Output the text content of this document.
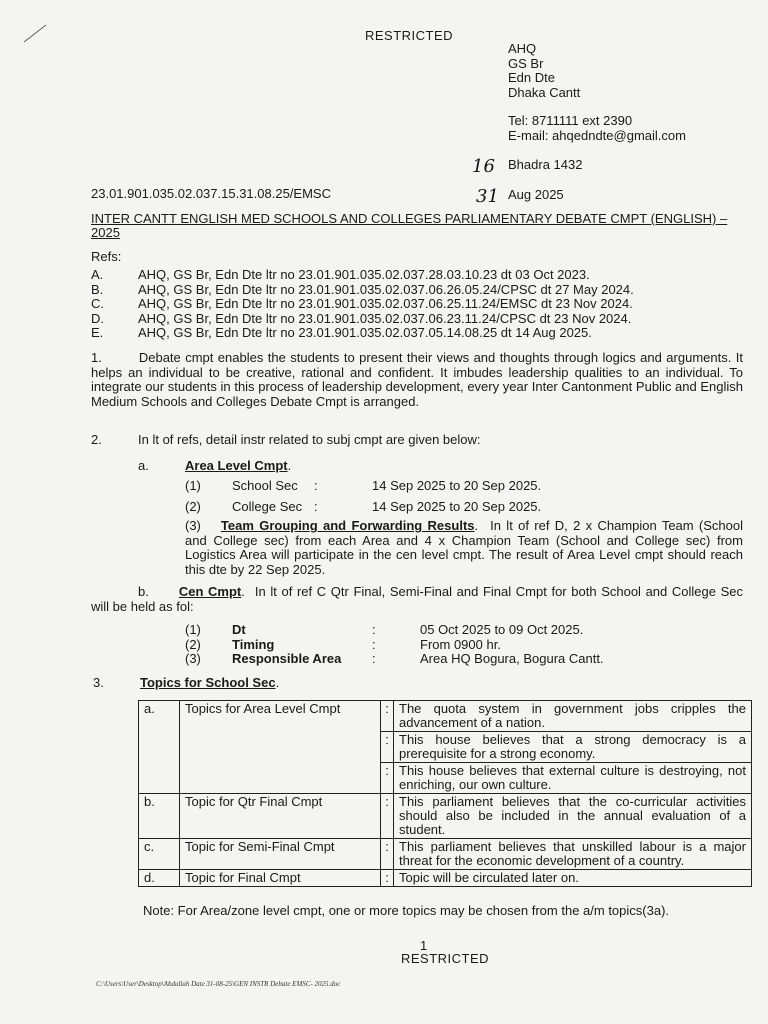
RESTRICTED
AHQ
GS Br
Edn Dte
Dhaka Cantt
Tel: 8711111 ext 2390
E-mail: ahqedndte@gmail.com
16 Bhadra 1432
31 Aug 2025
23.01.901.035.02.037.15.31.08.25/EMSC
INTER CANTT ENGLISH MED SCHOOLS AND COLLEGES PARLIAMENTARY DEBATE CMPT (ENGLISH) – 2025
Refs:
A.	AHQ, GS Br, Edn Dte ltr no 23.01.901.035.02.037.28.03.10.23 dt 03 Oct 2023.
B.	AHQ, GS Br, Edn Dte ltr no 23.01.901.035.02.037.06.26.05.24/CPSC dt 27 May 2024.
C.	AHQ, GS Br, Edn Dte ltr no 23.01.901.035.02.037.06.25.11.24/EMSC dt 23 Nov 2024.
D.	AHQ, GS Br, Edn Dte ltr no 23.01.901.035.02.037.06.23.11.24/CPSC dt 23 Nov 2024.
E.	AHQ, GS Br, Edn Dte ltr no 23.01.901.035.02.037.05.14.08.25 dt 14 Aug 2025.
1.	Debate cmpt enables the students to present their views and thoughts through logics and arguments. It helps an individual to be creative, rational and confident. It imbudes leadership qualities to an individual. To integrate our students in this process of leadership development, every year Inter Cantonment Public and English Medium Schools and Colleges Debate Cmpt is arranged.
2.	In lt of refs, detail instr related to subj cmpt are given below:
a.	Area Level Cmpt.
(1)	School Sec	:	14 Sep 2025 to 20 Sep 2025.
(2)	College Sec :	14 Sep 2025 to 20 Sep 2025.
(3) Team Grouping and Forwarding Results. In lt of ref D, 2 x Champion Team (School and College sec) from each Area and 4 x Champion Team (School and College sec) from Logistics Area will participate in the cen level cmpt. The result of Area Level cmpt should reach this dte by 22 Sep 2025.
b. Cen Cmpt. In lt of ref C Qtr Final, Semi-Final and Final Cmpt for both School and College Sec will be held as fol:
(1)	Dt	:	05 Oct 2025 to 09 Oct 2025.
(2)	Timing	:	From 0900 hr.
(3)	Responsible Area	:	Area HQ Bogura, Bogura Cantt.
3.	Topics for School Sec.
a.	Topics for Area Level Cmpt	:	The quota system in government jobs cripples the advancement of a nation.
		:	This house believes that a strong democracy is a prerequisite for a strong economy.
		:	This house believes that external culture is destroying, not enriching, our own culture.
b.	Topic for Qtr Final Cmpt	:	This parliament believes that the co-curricular activities should also be included in the annual evaluation of a student.
c.	Topic for Semi-Final Cmpt	:	This parliament believes that unskilled labour is a major threat for the economic development of a country.
d.	Topic for Final Cmpt	:	Topic will be circulated later on.
Note: For Area/zone level cmpt, one or more topics may be chosen from the a/m topics(3a).
1
RESTRICTED
C:\Users\User\Desktop\Abdullah Date 31-08-25\GEN INSTR Debate EMSC- 2025.doc
